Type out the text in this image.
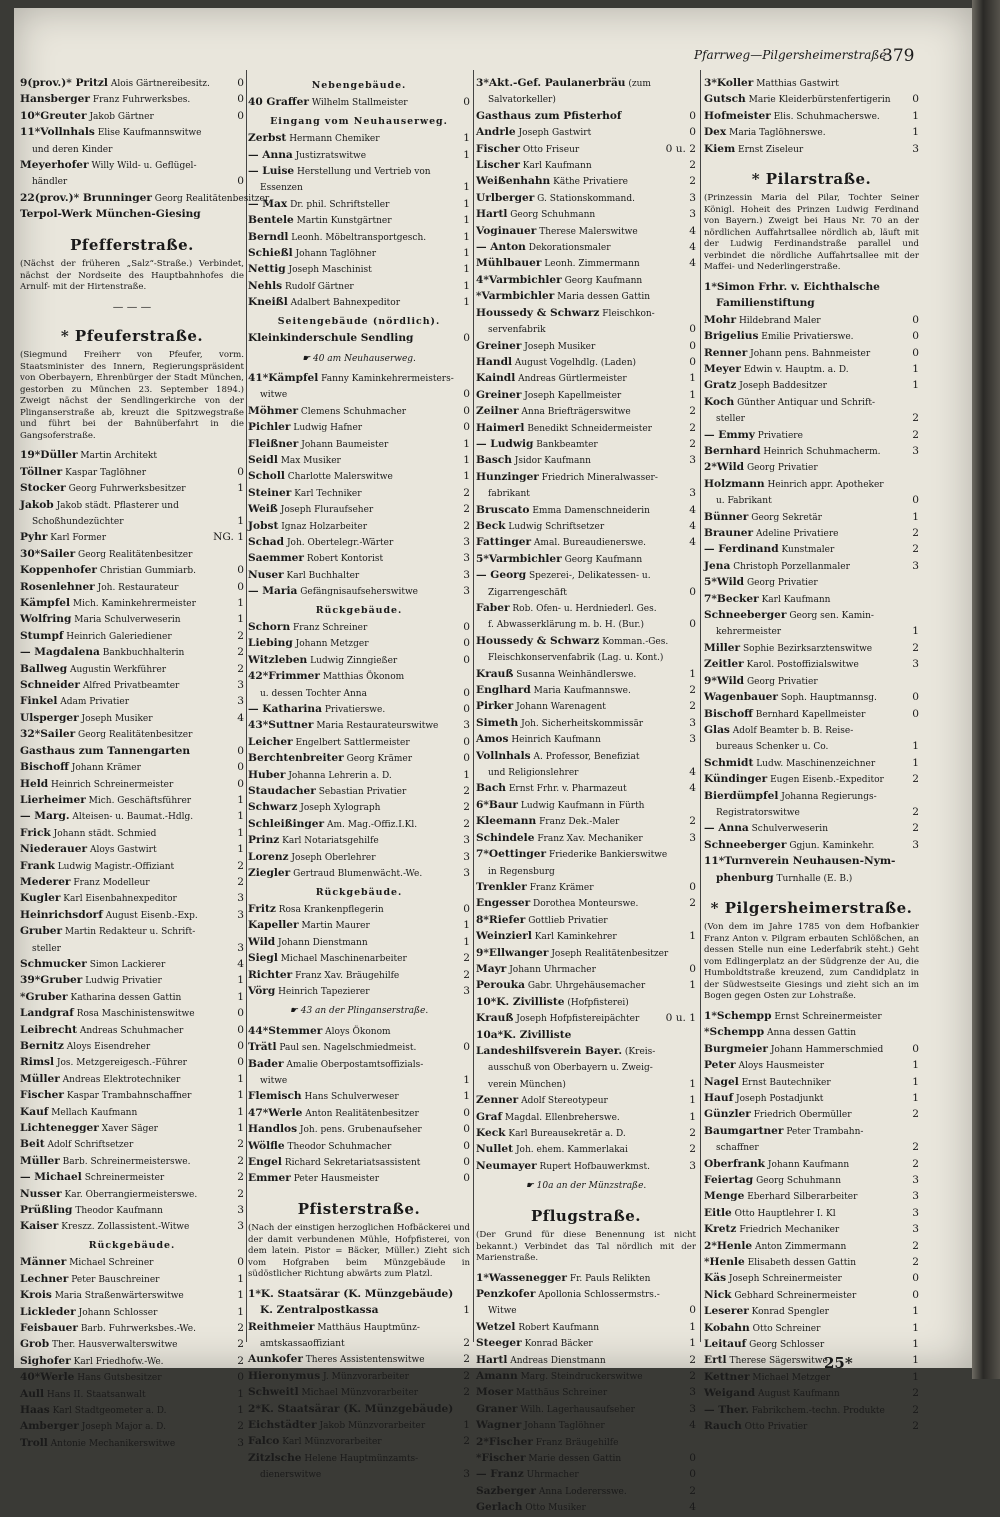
Pfarrweg—Pilgersheimerstraße
379
9(prov.)* Pritzl Alois Gärtnereibesitz.	0
Hansberger Franz Fuhrwerksbes.	0
10*Greuter Jakob Gärtner	0
11*Vollnhals Elise Kaufmannswitwe
und deren Kinder
Meyerhofer Willy Wild- u. Geflügel-
händler	0
22(prov.)* Brunninger Georg Realitätenbesitzer
Terpol-Werk München-Giesing
Pfefferstraße.
(Nächst der früheren „Salz“-Straße.) Verbindet, nächst der Nordseite des Hauptbahnhofes die Arnulf- mit der Hirtenstraße.
— — —
* Pfeuferstraße.
(Siegmund Freiherr von Pfeufer, vorm. Staatsminister des Innern, Regierungspräsident von Oberbayern, Ehrenbürger der Stadt München, gestorben zu München 23. September 1894.) Zweigt nächst der Sendlingerkirche von der Plinganserstraße ab, kreuzt die Spitzwegstraße und führt bei der Bahnüberfahrt in die Gangsoferstraße.
19*Düller Martin Architekt
Töllner Kaspar Taglöhner	0
Stocker Georg Fuhrwerksbesitzer	1
Jakob Jakob städt. Pflasterer und
Schoßhundezüchter	1
Pyhr Karl Former	NG. 1
30*Sailer Georg Realitätenbesitzer
Koppenhofer Christian Gummiarb.	0
Rosenlehner Joh. Restaurateur	0
Kämpfel Mich. Kaminkehrermeister	1
Wolfring Maria Schulverweserin	1
Stumpf Heinrich Galeriediener	2
— Magdalena Bankbuchhalterin	2
Ballweg Augustin Werkführer	2
Schneider Alfred Privatbeamter	3
Finkel Adam Privatier	3
Ulsperger Joseph Musiker	4
32*Sailer Georg Realitätenbesitzer
Gasthaus zum Tannengarten	0
Bischoff Johann Krämer	0
Held Heinrich Schreinermeister	0
Lierheimer Mich. Geschäftsführer	1
— Marg. Alteisen- u. Baumat.-Hdlg.	1
Frick Johann städt. Schmied	1
Niederauer Aloys Gastwirt	1
Frank Ludwig Magistr.-Offiziant	2
Mederer Franz Modelleur	2
Kugler Karl Eisenbahnexpeditor	3
Heinrichsdorf August Eisenb.-Exp.	3
Gruber Martin Redakteur u. Schrift-
steller	3
Schmucker Simon Lackierer	4
39*Gruber Ludwig Privatier	1
*Gruber Katharina dessen Gattin	1
Landgraf Rosa Maschinistenswitwe	0
Leibrecht Andreas Schuhmacher	0
Bernitz Aloys Eisendreher	0
Rimsl Jos. Metzgereigesch.-Führer	0
Müller Andreas Elektrotechniker	1
Fischer Kaspar Trambahnschaffner	1
Kauf Mellach Kaufmann	1
Lichtenegger Xaver Säger	1
Beit Adolf Schriftsetzer	2
Müller Barb. Schreinermeisterswe.	2
— Michael Schreinermeister	2
Nusser Kar. Oberrangiermeisterswe.	2
Prüßling Theodor Kaufmann	3
Kaiser Kreszz. Zollassistent.-Witwe	3
Rückgebäude.
Männer Michael Schreiner	0
Lechner Peter Bauschreiner	1
Krois Maria Straßenwärterswitwe	1
Lickleder Johann Schlosser	1
Feisbauer Barb. Fuhrwerksbes.-We.	2
Grob Ther. Hausverwalterswitwe	2
Sighofer Karl Friedhofw.-We.	2
40*Werle Hans Gutsbesitzer	0
Aull Hans II. Staatsanwalt	1
Haas Karl Stadtgeometer a. D.	1
Amberger Joseph Major a. D.	2
Troll Antonie Mechanikerswitwe	3
Nebengebäude.
40 Graffer Wilhelm Stallmeister	0
Eingang vom Neuhauserweg.
Zerbst Hermann Chemiker	1
— Anna Justizratswitwe	1
— Luise Herstellung und Vertrieb von
Essenzen	1
— Max Dr. phil. Schriftsteller	1
Bentele Martin Kunstgärtner	1
Berndl Leonh. Möbeltransportgesch.	1
Schießl Johann Taglöhner	1
Nettig Joseph Maschinist	1
Nehls Rudolf Gärtner	1
Kneißl Adalbert Bahnexpeditor	1
Seitengebäude (nördlich).
Kleinkinderschule Sendling	0
☛ 40 am Neuhauserweg.
41*Kämpfel Fanny Kaminkehrermeisters-
witwe	0
Möhmer Clemens Schuhmacher	0
Pichler Ludwig Hafner	0
Fleißner Johann Baumeister	1
Seidl Max Musiker	1
Scholl Charlotte Malerswitwe	1
Steiner Karl Techniker	2
Weiß Joseph Fluraufseher	2
Jobst Ignaz Holzarbeiter	2
Schad Joh. Obertelegr.-Wärter	3
Saemmer Robert Kontorist	3
Nuser Karl Buchhalter	3
— Maria Gefängnisaufseherswitwe	3
Rückgebäude.
Schorn Franz Schreiner	0
Liebing Johann Metzger	0
Witzleben Ludwig Zinngießer	0
42*Frimmer Matthias Ökonom
u. dessen Tochter Anna	0
— Katharina Privatierswe.	0
43*Suttner Maria Restaurateurswitwe 3
Leicher Engelbert Sattlermeister	0
Berchtenbreiter Georg Krämer	0
Huber Johanna Lehrerin a. D.	1
Staudacher Sebastian Privatier	2
Schwarz Joseph Xylograph	2
Schleißinger Am. Mag.-Offiz.I.Kl.	2
Prinz Karl Notariatsgehilfe	3
Lorenz Joseph Oberlehrer	3
Ziegler Gertraud Blumenwächt.-We.	3
Rückgebäude.
Fritz Rosa Krankenpflegerin	0
Kapeller Martin Maurer	1
Wild Johann Dienstmann	1
Siegl Michael Maschinenarbeiter	2
Richter Franz Xav. Bräugehilfe	2
Vörg Heinrich Tapezierer	3
☛ 43 an der Plinganserstraße.
44*Stemmer Aloys Ökonom
Trätl Paul sen. Nagelschmiedmeist.	0
Bader Amalie Oberpostamtsoffizials-
witwe	1
Flemisch Hans Schulverweser	1
47*Werle Anton Realitätenbesitzer	0
Handlos Joh. pens. Grubenaufseher	0
Wölfle Theodor Schuhmacher	0
Engel Richard Sekretariatsassistent	0
Emmer Peter Hausmeister	0
Pfisterstraße.
(Nach der einstigen herzoglichen Hofbäckerei und der damit verbundenen Mühle, Hofpfisterei, von dem latein. Pistor = Bäcker, Müller.) Zieht sich vom Hofgraben beim Münzgebäude in südöstlicher Richtung abwärts zum Platzl.
1*K. Staatsärar (K. Münzgebäude)
K. Zentralpostkassa	1
Reithmeier Matthäus Hauptmünz-
amtskassaoffiziant	2
Aunkofer Theres Assistentenswitwe	2
Hieronymus J. Münzvorarbeiter	2
Schweitl Michael Münzvorarbeiter	2
2*K. Staatsärar (K. Münzgebäude)
Eichstädter Jakob Münzvorarbeiter	1
Falco Karl Münzvorarbeiter	2
Zitzlsche Helene Hauptmünzamts-
dienerswitwe	3
3*Akt.-Gef. Paulanerbräu (zum
Salvatorkeller)
Gasthaus zum Pfisterhof	0
Andrle Joseph Gastwirt	0
Fischer Otto Friseur	0 u. 2
Lischer Karl Kaufmann	2
Weißenhahn Käthe Privatiere	2
Urlberger G. Stationskommand.	3
Hartl Georg Schuhmann	3
Voginauer Therese Malerswitwe	4
— Anton Dekorationsmaler	4
Mühlbauer Leonh. Zimmermann	4
4*Varmbichler Georg Kaufmann
*Varmbichler Maria dessen Gattin
Houssedy & Schwarz Fleischkon-
servenfabrik	0
Greiner Joseph Musiker	0
Handl August Vogelhdlg. (Laden)	0
Kaindl Andreas Gürtlermeister	1
Greiner Joseph Kapellmeister	1
Zeilner Anna Briefträgerswitwe	2
Haimerl Benedikt Schneidermeister	2
— Ludwig Bankbeamter	2
Basch Jsidor Kaufmann	3
Hunzinger Friedrich Mineralwasser-
fabrikant	3
Bruscato Emma Damenschneiderin	4
Beck Ludwig Schriftsetzer	4
Fattinger Amal. Bureaudienerswe.	4
5*Varmbichler Georg Kaufmann
— Georg Spezerei-, Delikatessen- u.
Zigarrengeschäft	0
Faber Rob. Ofen- u. Herdniederl. Ges.
f. Abwasserklärung m. b. H. (Bur.)	0
Houssedy & Schwarz Komman.-Ges.
Fleischkonservenfabrik (Lag. u. Kont.)
Krauß Susanna Weinhändlerswe.	1
Englhard Maria Kaufmannswe.	2
Pirker Johann Warenagent	2
Simeth Joh. Sicherheitskommissär	3
Amos Heinrich Kaufmann	3
Vollnhals A. Professor, Benefiziat
und Religionslehrer	4
Bach Ernst Frhr. v. Pharmazeut	4
6*Baur Ludwig Kaufmann in Fürth
Kleemann Franz Dek.-Maler	2
Schindele Franz Xav. Mechaniker	3
7*Oettinger Friederike Bankierswitwe
in Regensburg
Trenkler Franz Krämer	0
Engesser Dorothea Monteurswe.	2
8*Riefer Gottlieb Privatier
Weinzierl Karl Kaminkehrer	1
9*Ellwanger Joseph Realitätenbesitzer
Mayr Johann Uhrmacher	0
Perouka Gabr. Uhrgehäusemacher	1
10*K. Zivilliste (Hofpfisterei)
Krauß Joseph Hofpfistereipächter 0 u. 1
10a*K. Zivilliste
Landeshilfsverein Bayer. (Kreis-
ausschuß von Oberbayern u. Zweig-
verein München)	1
Zenner Adolf Stereotypeur	1
Graf Magdal. Ellenbreherswe.	1
Keck Karl Bureausekretär a. D.	2
Nullet Joh. ehem. Kammerlakai	2
Neumayer Rupert Hofbauwerkmst.	3
☛ 10a an der Münzstraße.
Pflugstraße.
(Der Grund für diese Benennung ist nicht bekannt.) Verbindet das Tal nördlich mit der Marienstraße.
1*Wassenegger Fr. Pauls Relikten
Penzkofer Apollonia Schlossermstrs.-
Witwe	0
Wetzel Robert Kaufmann	1
Steeger Konrad Bäcker	1
Hartl Andreas Dienstmann	2
Amann Marg. Steindruckerswitwe	2
Moser Matthäus Schreiner	3
Graner Wilh. Lagerhausaufseher	3
Wagner Johann Taglöhner	4
2*Fischer Franz Bräugehilfe
*Fischer Marie dessen Gattin	0
— Franz Uhrmacher	0
Sazberger Anna Loderersswe.	2
Gerlach Otto Musiker	4
3*Koller Matthias Gastwirt
Gutsch Marie Kleiderbürstenfertigerin 0
Hofmeister Elis. Schuhmacherswe.	1
Dex Maria Taglöhnerswe.	1
Kiem Ernst Ziseleur	3
* Pilarstraße.
(Prinzessin Maria del Pilar, Tochter Seiner Königl. Hoheit des Prinzen Ludwig Ferdinand von Bayern.) Zweigt bei Haus Nr. 70 an der nördlichen Auffahrtsallee nördlich ab, läuft mit der Ludwig Ferdinandstraße parallel und verbindet die nördliche Auffahrtsallee mit der Maffei- und Nederlingerstraße.
1*Simon Frhr. v. Eichthalsche
Familienstiftung
Mohr Hildebrand Maler	0
Brigelius Emilie Privatierswe.	0
Renner Johann pens. Bahnmeister	0
Meyer Edwin v. Hauptm. a. D.	1
Gratz Joseph Baddesitzer	1
Koch Günther Antiquar und Schrift-
steller	2
— Emmy Privatiere	2
Bernhard Heinrich Schuhmacherm.	3
2*Wild Georg Privatier
Holzmann Heinrich appr. Apotheker
u. Fabrikant	0
Bünner Georg Sekretär	1
Brauner Adeline Privatiere	2
— Ferdinand Kunstmaler	2
Jena Christoph Porzellanmaler	3
5*Wild Georg Privatier
7*Becker Karl Kaufmann
Schneeberger Georg sen. Kamin-
kehrermeister	1
Miller Sophie Bezirksarztenswitwe	2
Zeitler Karol. Postoffizialswitwe	3
9*Wild Georg Privatier
Wagenbauer Soph. Hauptmannsg.	0
Bischoff Bernhard Kapellmeister	0
Glas Adolf Beamter b. B. Reise-
bureaus Schenker u. Co.	1
Schmidt Ludw. Maschinenzeichner	1
Kündinger Eugen Eisenb.-Expeditor	2
Bierdümpfel Johanna Regierungs-
Registratorswitwe	2
— Anna Schulverweserin	2
Schneeberger Ggjun. Kaminkehr.	3
11*Turnverein Neuhausen-Nym-
phenburg Turnhalle (E. B.)
* Pilgersheimerstraße.
(Von dem im Jahre 1785 von dem Hofbankier Franz Anton v. Pilgram erbauten Schlößchen, an dessen Stelle nun eine Lederfabrik steht.) Geht vom Edlingerplatz an der Südgrenze der Au, die Humboldtstraße kreuzend, zum Candidplatz in der Südwestseite Giesings und zieht sich an im Bogen gegen Osten zur Lohstraße.
1*Schempp Ernst Schreinermeister
*Schempp Anna dessen Gattin
Burgmeier Johann Hammerschmied	0
Peter Aloys Hausmeister	1
Nagel Ernst Bautechniker	1
Hauf Joseph Postadjunkt	1
Günzler Friedrich Obermüller	2
Baumgartner Peter Trambahn-
schaffner	2
Oberfrank Johann Kaufmann	2
Feiertag Georg Schuhmann	3
Menge Eberhard Silberarbeiter	3
Eitle Otto Hauptlehrer I. Kl	3
Kretz Friedrich Mechaniker	3
2*Henle Anton Zimmermann	2
*Henle Elisabeth dessen Gattin	2
Käs Joseph Schreinermeister	0
Nick Gebhard Schreinermeister	0
Leserer Konrad Spengler	1
Kobahn Otto Schreiner	1
Leitauf Georg Schlosser	1
Ertl Therese Sägerswitwe	1
Kettner Michael Metzger	1
Weigand August Kaufmann	2
— Ther. Fabrikchem.-techn. Produkte	2
Rauch Otto Privatier	2
25*
